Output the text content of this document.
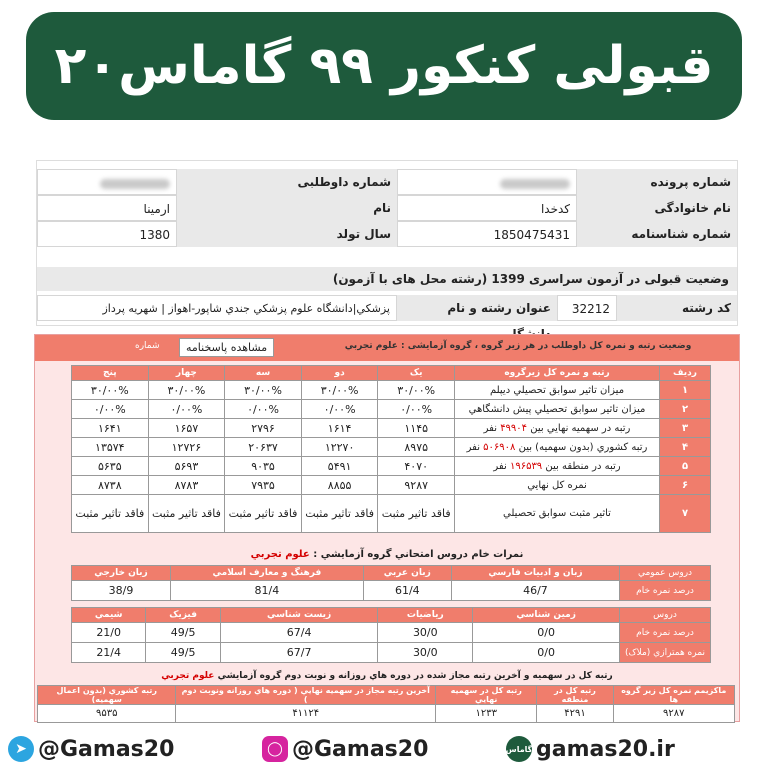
قبولی کنکور ۹۹ گاماس۲۰
شماره پرونده
شماره داوطلبی
نام خانوادگی
کدخدا
نام
ارمینا
شماره شناسنامه
1850475431
سال تولد
1380
وضعیت قبولی در آزمون سراسری 1399 (رشته محل های با آزمون)
کد رشته
32212
عنوان رشته و نام
پزشکي|دانشگاه علوم پزشكي جندي شاپور-اهواز | شهريه پرداز
وضعیت رتبه و نمره کل داوطلب در هر زیر گروه ، گروه آزمایشی : علوم تجربي
مشاهده پاسخنامه
شماره
ردیف	رتبه و نمره کل زیرگروه	یک	دو	سه	چهار	پنج
۱	میزان تاثیر سوابق تحصیلي دیپلم	۳۰/۰۰%	۳۰/۰۰%	۳۰/۰۰%	۳۰/۰۰%	۳۰/۰۰%
۲	میزان تاثیر سوابق تحصیلي پیش دانشگاهي	۰/۰۰%	۰/۰۰%	۰/۰۰%	۰/۰۰%	۰/۰۰%
۳	رتبه در سهمیه نهایي بین ۴۹۹۰۴ نفر	۱۱۴۵	۱۶۱۴	۲۷۹۶	۱۶۵۷	۱۶۴۱
۴	رتبه کشوري (بدون سهمیه) بین ۵۰۶۹۰۸ نفر	۸۹۷۵	۱۲۲۷۰	۲۰۶۳۷	۱۲۷۲۶	۱۳۵۷۴
۵	رتبه در منطقه بین ۱۹۶۵۳۹ نفر	۴۰۷۰	۵۴۹۱	۹۰۳۵	۵۶۹۳	۵۶۳۵
۶	نمره کل نهایي	۹۲۸۷	۸۸۵۵	۷۹۳۵	۸۷۸۳	۸۷۳۸
۷	تاثیر مثبت سوابق تحصیلي	فاقد تاثیر مثبت	فاقد تاثیر مثبت	فاقد تاثیر مثبت	فاقد تاثیر مثبت	فاقد تاثیر مثبت
نمرات خام دروس امتحاني گروه آزمایشي : علوم تجربي
دروس عمومي	زبان و ادبیات فارسي	زبان عربي	فرهنگ و معارف اسلامي	زبان خارجي
درصد نمره خام	46/7	61/4	81/4	38/9
دروس	زمین شناسي	ریاضیات	زیست شناسي	فیزیک	شیمي
درصد نمره خام	0/0	30/0	67/4	49/5	21/0
نمره همترازي (ملاک)	0/0	30/0	67/7	49/5	21/4
رتبه کل در سهمیه و آخرین رتبه مجاز شده در دوره هاي روزانه و نوبت دوم گروه آزمایشي علوم تجربي
ماكزيمم نمره كل زير گروه ها	رتبه کل در منطقه	رتبه کل در سهمیه نهایي	آخرين رتبه مجاز در سهميه نهايي ( دوره هاي روزانه ونوبت دوم )	رتبه کشوري (بدون اعمال سهمیه)
۹۲۸۷	۴۲۹۱	۱۲۳۳	۴۱۱۲۴	۹۵۳۵
➤ @Gamas20	◯ @Gamas20	گاماس gamas20.ir
